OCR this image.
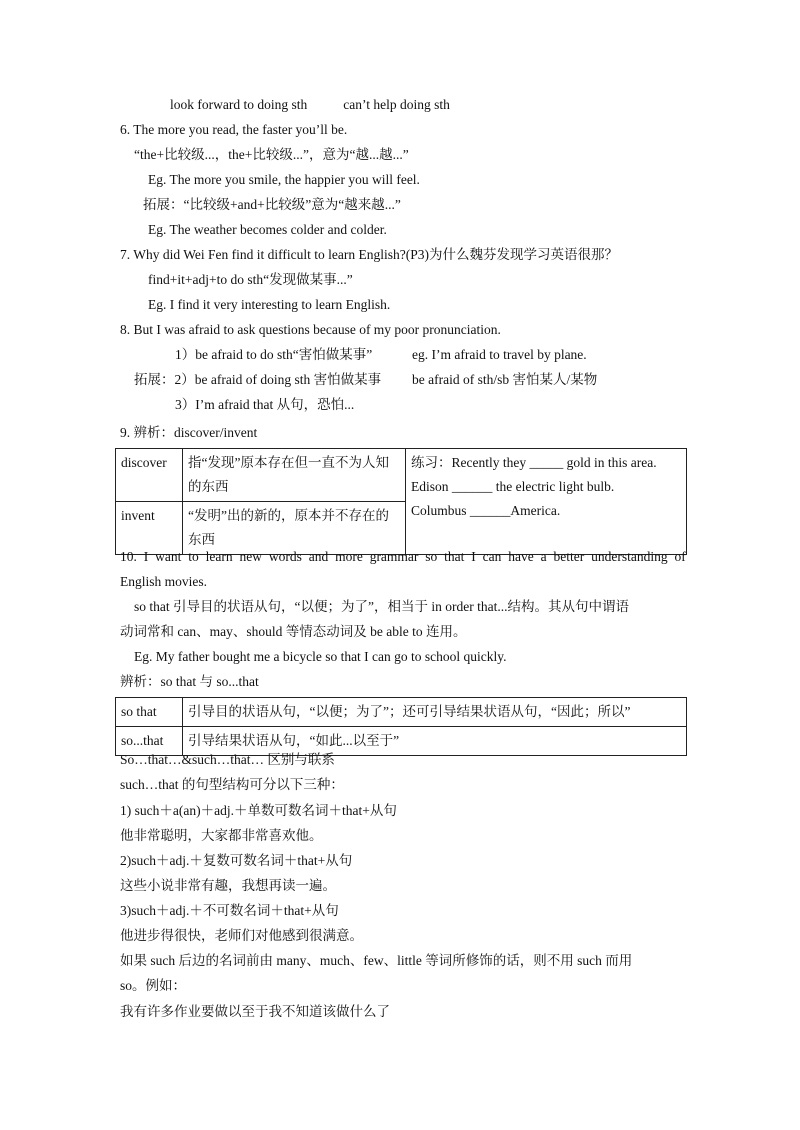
look forward to doing sth	can’t help doing sth
6. The more you read, the faster you’ll be.
“the+比较级...，the+比较级...”，意为“越...越...”
Eg. The more you smile, the happier you will feel.
拓展：“比较级+and+比较级”意为“越来越...”
Eg. The weather becomes colder and colder.
7. Why did Wei Fen find it difficult to learn English?(P3)为什么魏芬发现学习英语很那？
find+it+adj+to do sth“发现做某事...”
Eg. I find it very interesting to learn English.
8. But I was afraid to ask questions because of my poor pronunciation.
1）be afraid to do sth“害怕做某事”	eg. I’m afraid to travel by plane.
拓展：2）be afraid of doing sth 害怕做某事 be afraid of sth/sb 害怕某人/某物
3）I’m afraid that 从句，恐怕...
9. 辨析：discover/invent
discover	指“发现”原本存在但一直不为人知的东西	练习：Recently they _____ gold in this area.
Edison ______ the electric light bulb.
Columbus ______America.

invent	“发明”出的新的，原本并不存在的东西	
10. I want to learn new words and more grammar so that I can have a better understanding of
English movies.
so that 引导目的状语从句，“以便；为了”，相当于 in order that...结构。其从句中谓语
动词常和 can、may、should 等情态动词及 be able to 连用。
Eg. My father bought me a bicycle so that I can go to school quickly.
辨析：so that 与 so...that
so that	引导目的状语从句，“以便；为了”；还可引导结果状语从句，“因此；所以”
so...that	引导结果状语从句，“如此...以至于”
So…that…&such…that… 区别与联系
such…that 的句型结构可分以下三种：
1) such＋a(an)＋adj.＋单数可数名词＋that+从句
他非常聪明，大家都非常喜欢他。
2)such＋adj.＋复数可数名词＋that+从句
这些小说非常有趣，我想再读一遍。
3)such＋adj.＋不可数名词＋that+从句
他进步得很快，老师们对他感到很满意。
如果 such 后边的名词前由 many、much、few、little 等词所修饰的话，则不用 such 而用
so。例如：
我有许多作业要做以至于我不知道该做什么了
